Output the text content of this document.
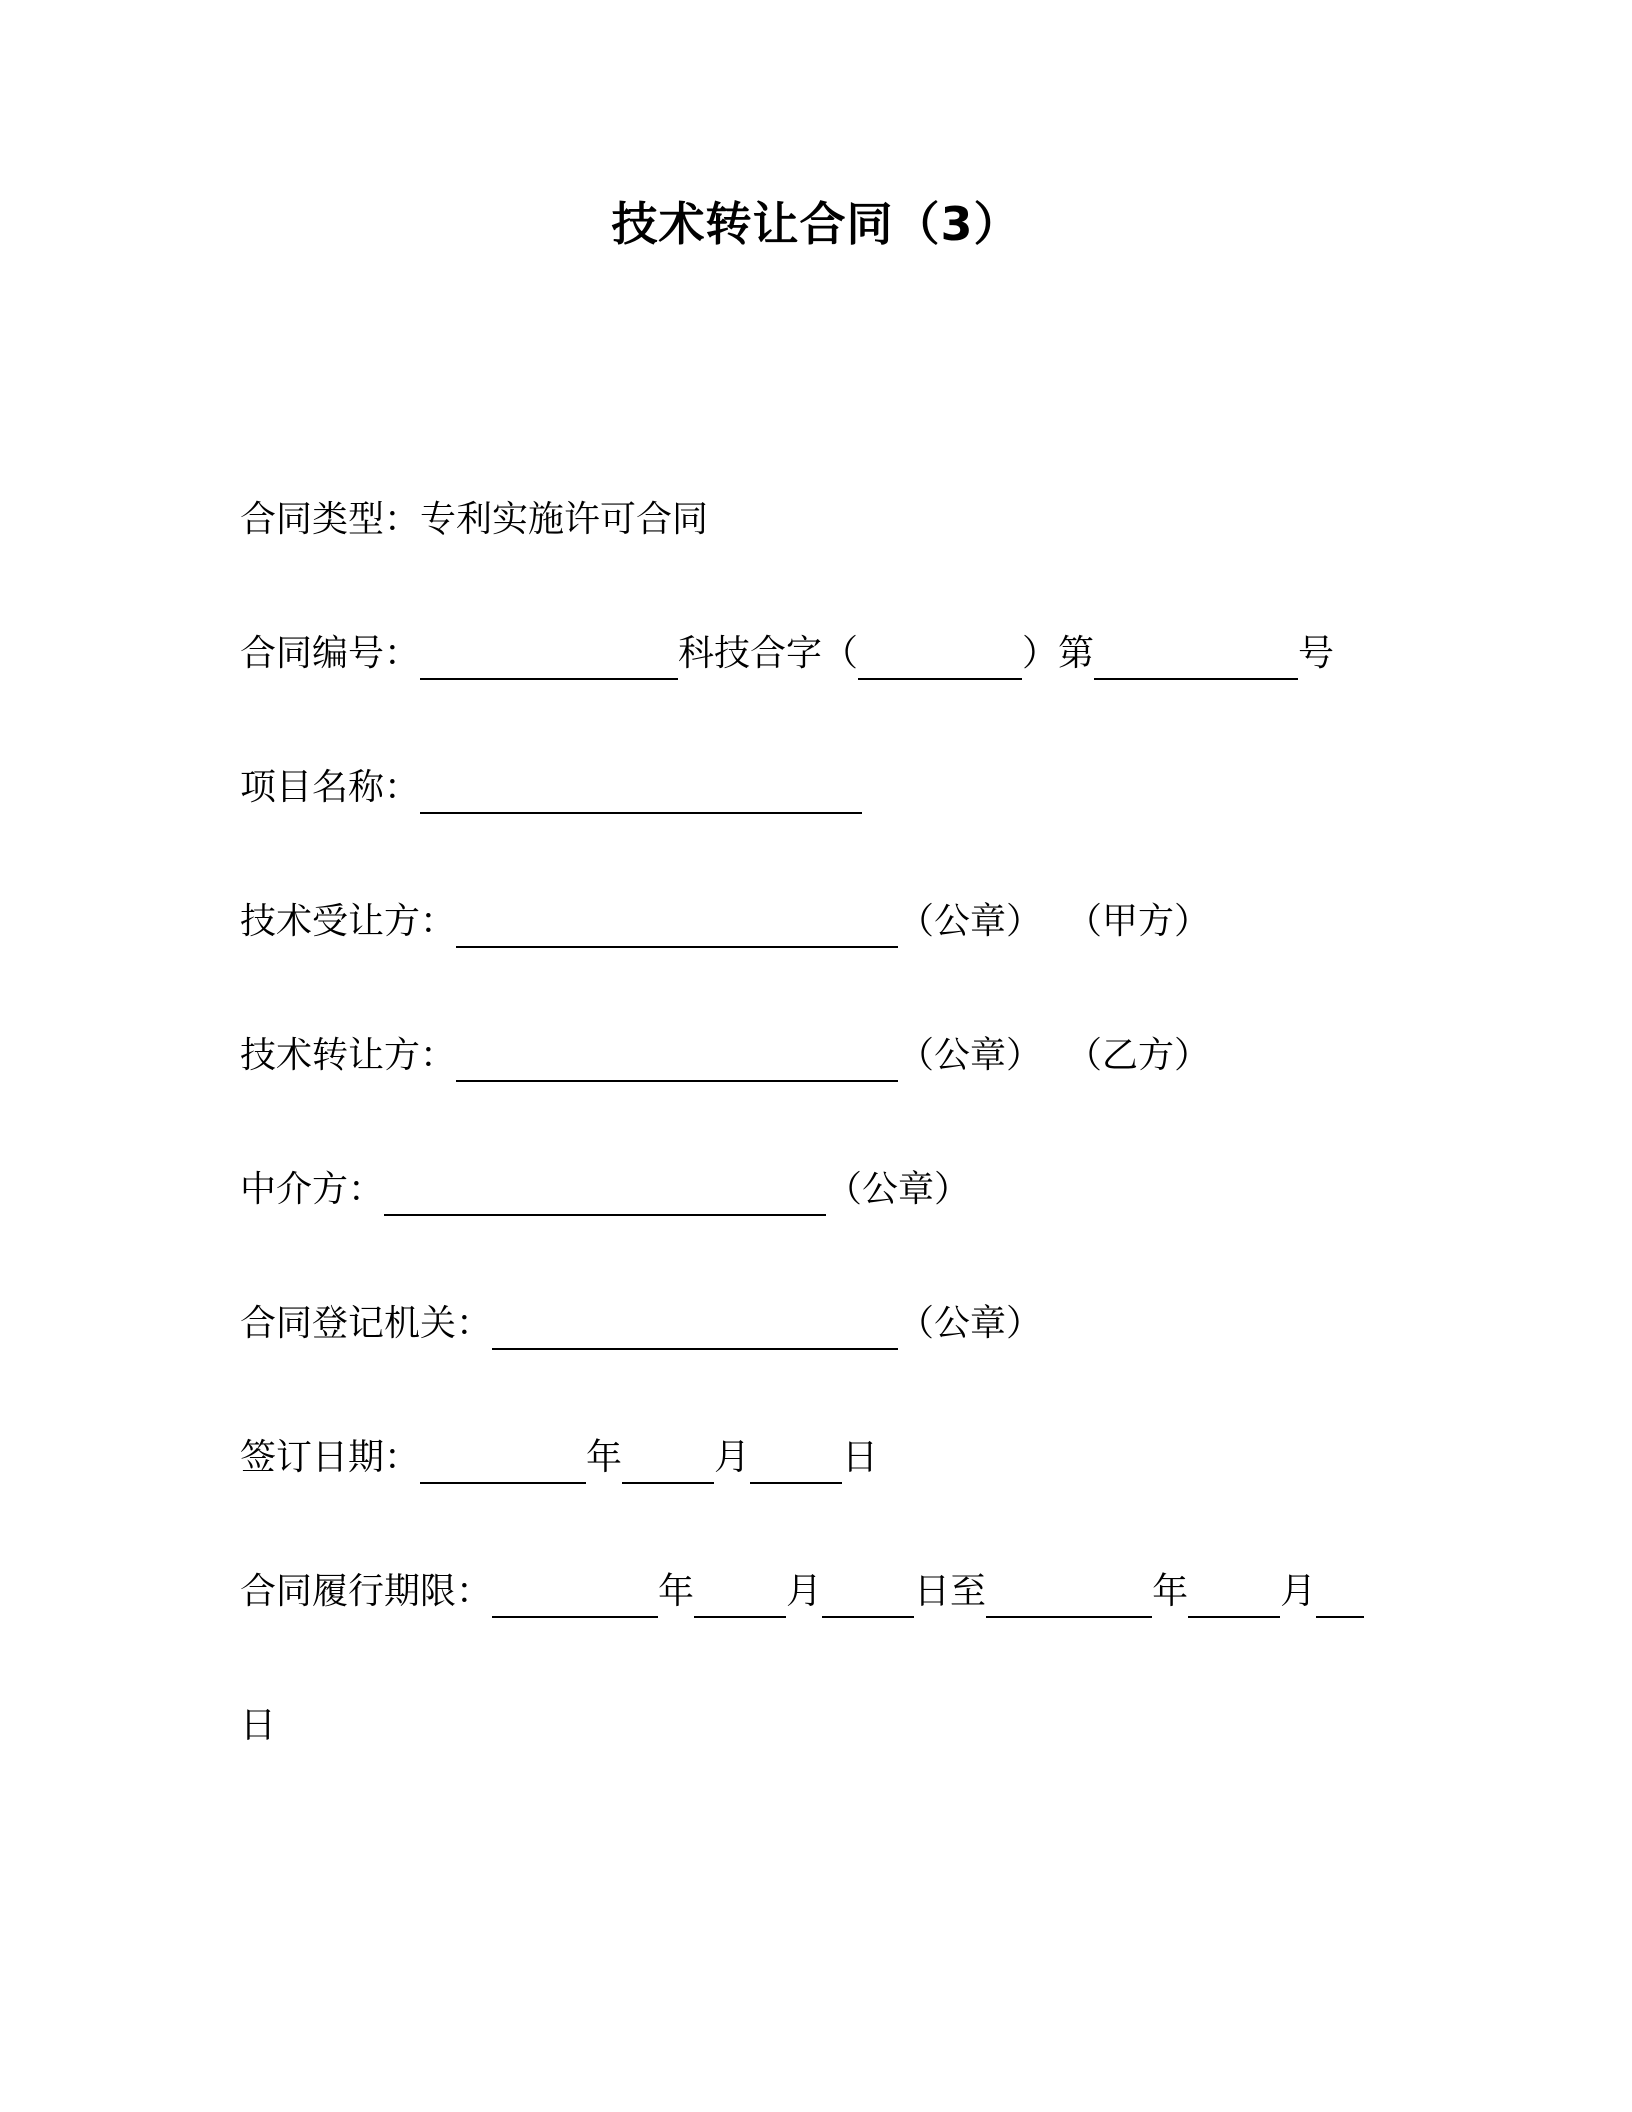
技术转让合同（3）
合同类型：专利实施许可合同
合同编号：	科技合字（	）第	号
项目名称：
技术受让方：	（公章） （甲方）
技术转让方：	（公章） （乙方）
中介方：	（公章）
合同登记机关：	（公章）
签订日期：	年	月	日
合同履行期限：	年	月	日至	年	月
日
